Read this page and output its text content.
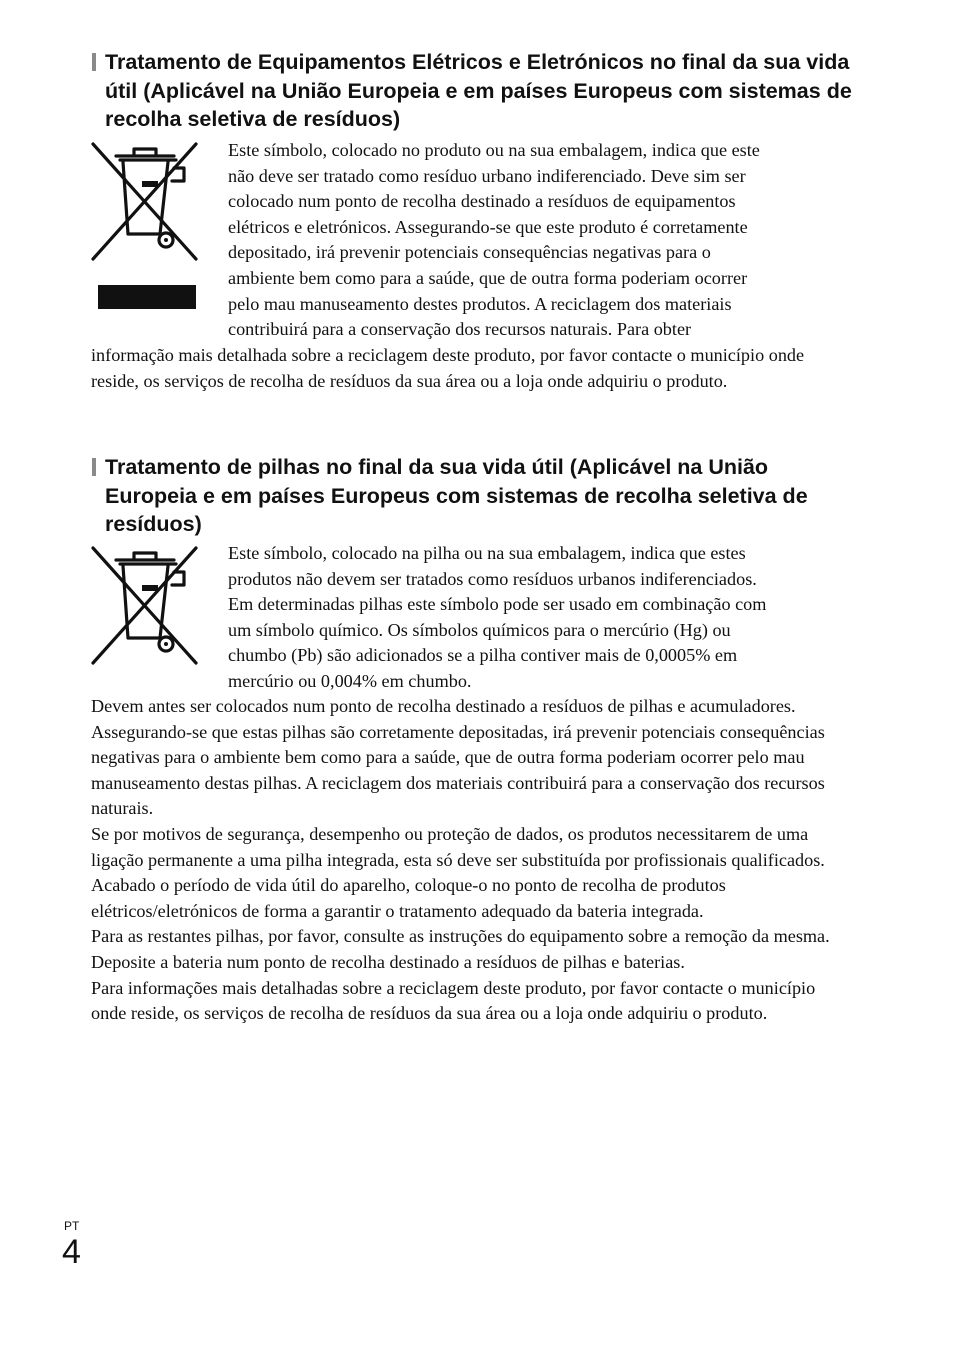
Tratamento de Equipamentos Elétricos e Eletrónicos no final da sua vida útil (Aplicável na União Europeia e em países Europeus com sistemas de recolha seletiva de resíduos)
Este símbolo, colocado no produto ou na sua embalagem, indica que este
não deve ser tratado como resíduo urbano indiferenciado. Deve sim ser
colocado num ponto de recolha destinado a resíduos de equipamentos
elétricos e eletrónicos. Assegurando-se que este produto é corretamente
depositado, irá prevenir potenciais consequências negativas para o
ambiente bem como para a saúde, que de outra forma poderiam ocorrer
pelo mau manuseamento destes produtos. A reciclagem dos materiais
contribuirá para a conservação dos recursos naturais. Para obter

informação mais detalhada sobre a reciclagem deste produto, por favor contacte o município onde reside, os serviços de recolha de resíduos da sua área ou a loja onde adquiriu o produto.

Tratamento de pilhas no final da sua vida útil (Aplicável na União Europeia e em países Europeus com sistemas de recolha seletiva de resíduos)
Este símbolo, colocado na pilha ou na sua embalagem, indica que estes
produtos não devem ser tratados como resíduos urbanos indiferenciados.
Em determinadas pilhas este símbolo pode ser usado em combinação com
um símbolo químico. Os símbolos químicos para o mercúrio (Hg) ou
chumbo (Pb) são adicionados se a pilha contiver mais de 0,0005% em
mercúrio ou 0,004% em chumbo.

Devem antes ser colocados num ponto de recolha destinado a resíduos de pilhas e acumuladores.

Assegurando-se que estas pilhas são corretamente depositadas, irá prevenir potenciais consequências negativas para o ambiente bem como para a saúde, que de outra forma poderiam ocorrer pelo mau manuseamento destas pilhas. A reciclagem dos materiais contribuirá para a conservação dos recursos naturais.

Se por motivos de segurança, desempenho ou proteção de dados, os produtos necessitarem de uma ligação permanente a uma pilha integrada, esta só deve ser substituída por profissionais qualificados.

Acabado o período de vida útil do aparelho, coloque-o no ponto de recolha de produtos elétricos/eletrónicos de forma a garantir o tratamento adequado da bateria integrada.

Para as restantes pilhas, por favor, consulte as instruções do equipamento sobre a remoção da mesma. Deposite a bateria num ponto de recolha destinado a resíduos de pilhas e baterias.

Para informações mais detalhadas sobre a reciclagem deste produto, por favor contacte o município onde reside, os serviços de recolha de resíduos da sua área ou a loja onde adquiriu o produto.

PT
4
